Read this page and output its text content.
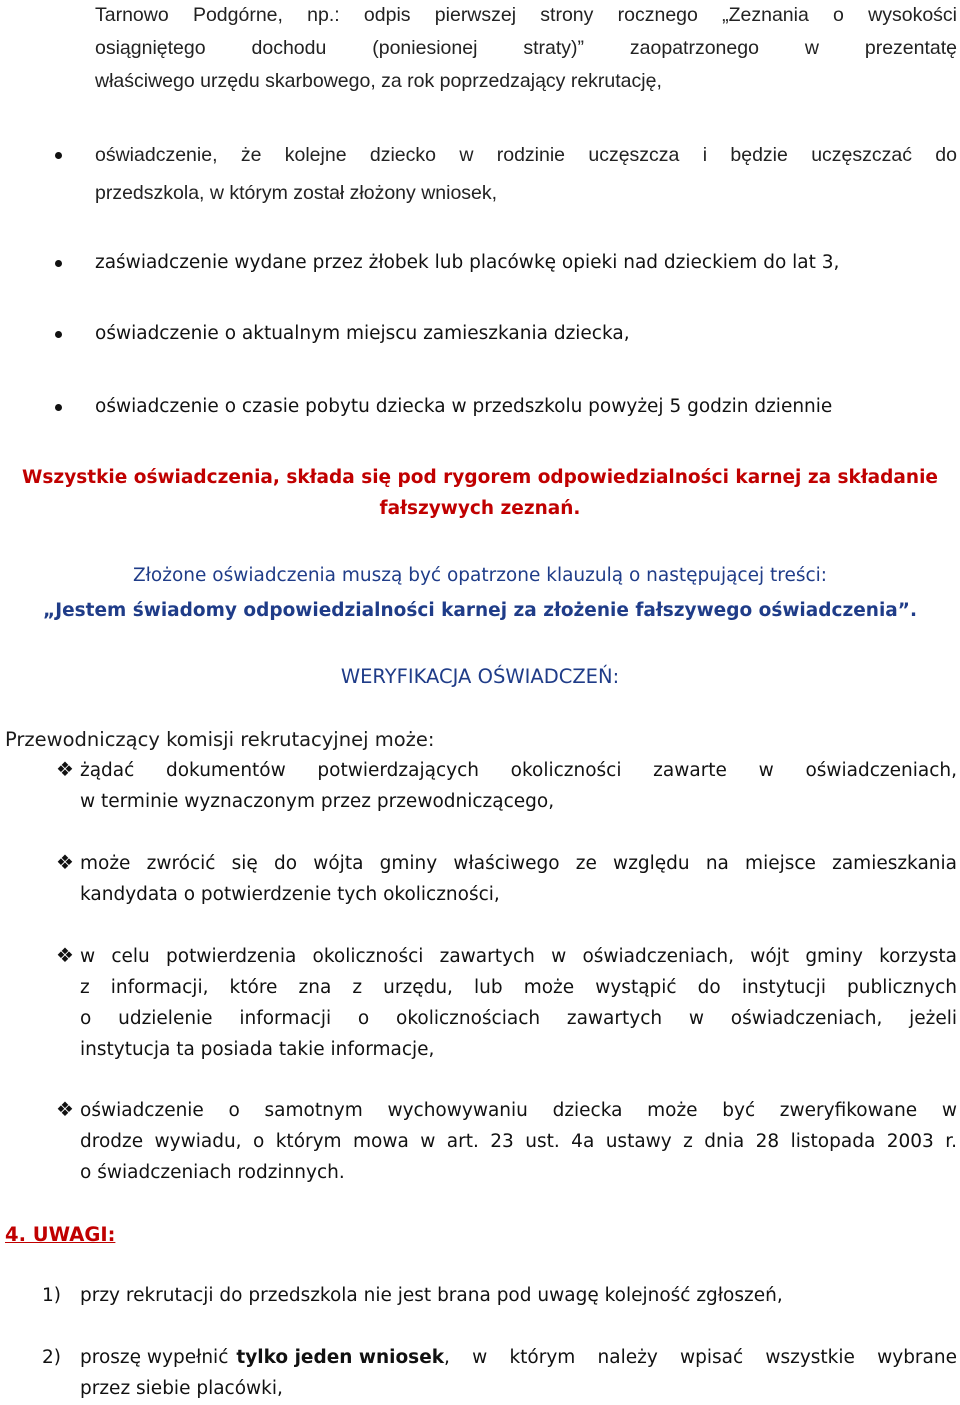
Tarnowo Podgórne, np.: odpis pierwszej strony rocznego „Zeznania o wysokości
osiągniętego dochodu (poniesionej straty)” zaopatrzonego w prezentatę
właściwego urzędu skarbowego, za rok poprzedzający rekrutację,
oświadczenie, że kolejne dziecko w rodzinie uczęszcza i będzie uczęszczać do
przedszkola, w którym został złożony wniosek,
zaświadczenie wydane przez żłobek lub placówkę opieki nad dzieckiem do lat 3,
oświadczenie o aktualnym miejscu zamieszkania dziecka,
oświadczenie o czasie pobytu dziecka w przedszkolu powyżej 5 godzin dziennie
Wszystkie oświadczenia, składa się pod rygorem odpowiedzialności karnej za składanie
fałszywych zeznań.
Złożone oświadczenia muszą być opatrzone klauzulą o następującej treści:
„Jestem świadomy odpowiedzialności karnej za złożenie fałszywego oświadczenia”.
WERYFIKACJA OŚWIADCZEŃ:
Przewodniczący komisji rekrutacyjnej może:
❖ żądać dokumentów potwierdzających okoliczności zawarte w oświadczeniach,
w terminie wyznaczonym przez przewodniczącego,
❖ może zwrócić się do wójta gminy właściwego ze względu na miejsce zamieszkania
kandydata o potwierdzenie tych okoliczności,
❖ w celu potwierdzenia okoliczności zawartych w oświadczeniach, wójt gminy korzysta
z informacji, które zna z urzędu, lub może wystąpić do instytucji publicznych
o udzielenie informacji o okolicznościach zawartych w oświadczeniach, jeżeli
instytucja ta posiada takie informacje,
❖ oświadczenie o samotnym wychowywaniu dziecka może być zweryfikowane w
drodze wywiadu, o którym mowa w art. 23 ust. 4a ustawy z dnia 28 listopada 2003 r.
o świadczeniach rodzinnych.
4. UWAGI:
1) przy rekrutacji do przedszkola nie jest brana pod uwagę kolejność zgłoszeń,
2) proszę wypełnić tylko jeden wniosek , w którym należy wpisać wszystkie wybrane
przez siebie placówki,
